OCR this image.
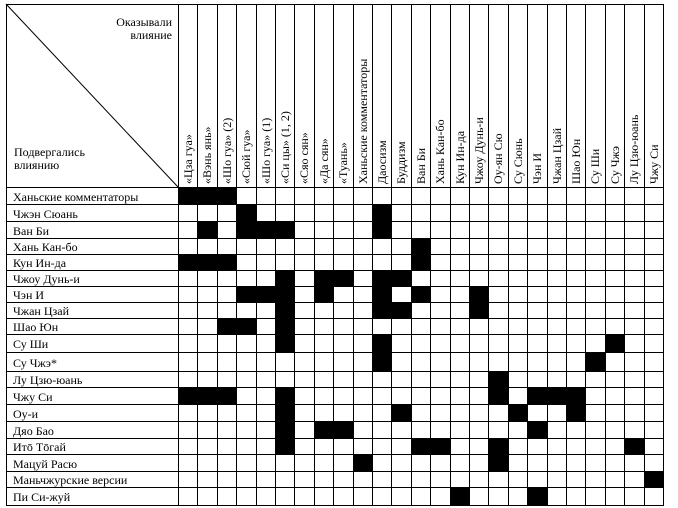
Оказывали влияние
Подвергались влиянию	«Цза гуа» «Вэнь янь» «Шо гуа» (2) «Сюй гуа» «Шо гуа» (1) «Си цы» (1, 2) «Сяо сян» «Да сян» «Туань» Ханьские комментаторы Даосизм Буддизм Ван Би Хань Кан-бо Кун Ин-да Чжоу Дунь-и Оу-ян Сю Су Сюнь Чэн И Чжан Цзай Шао Юн Су Ши Су Чжэ Лу Цзю-юань Чжу Си
Ханьские комментаторы
Чжэн Сюань
Ван Би
Хань Кан-бо
Кун Ин-да
Чжоу Дунь-и
Чэн И
Чжан Цзай
Шао Юн
Су Ши
Су Чжэ*
Лу Цзю-юань
Чжу Си
Оу-и
Дяо Бао
Итō Тōгай
Мацуй Расю
Маньчжурские версии
Пи Си-жуй
